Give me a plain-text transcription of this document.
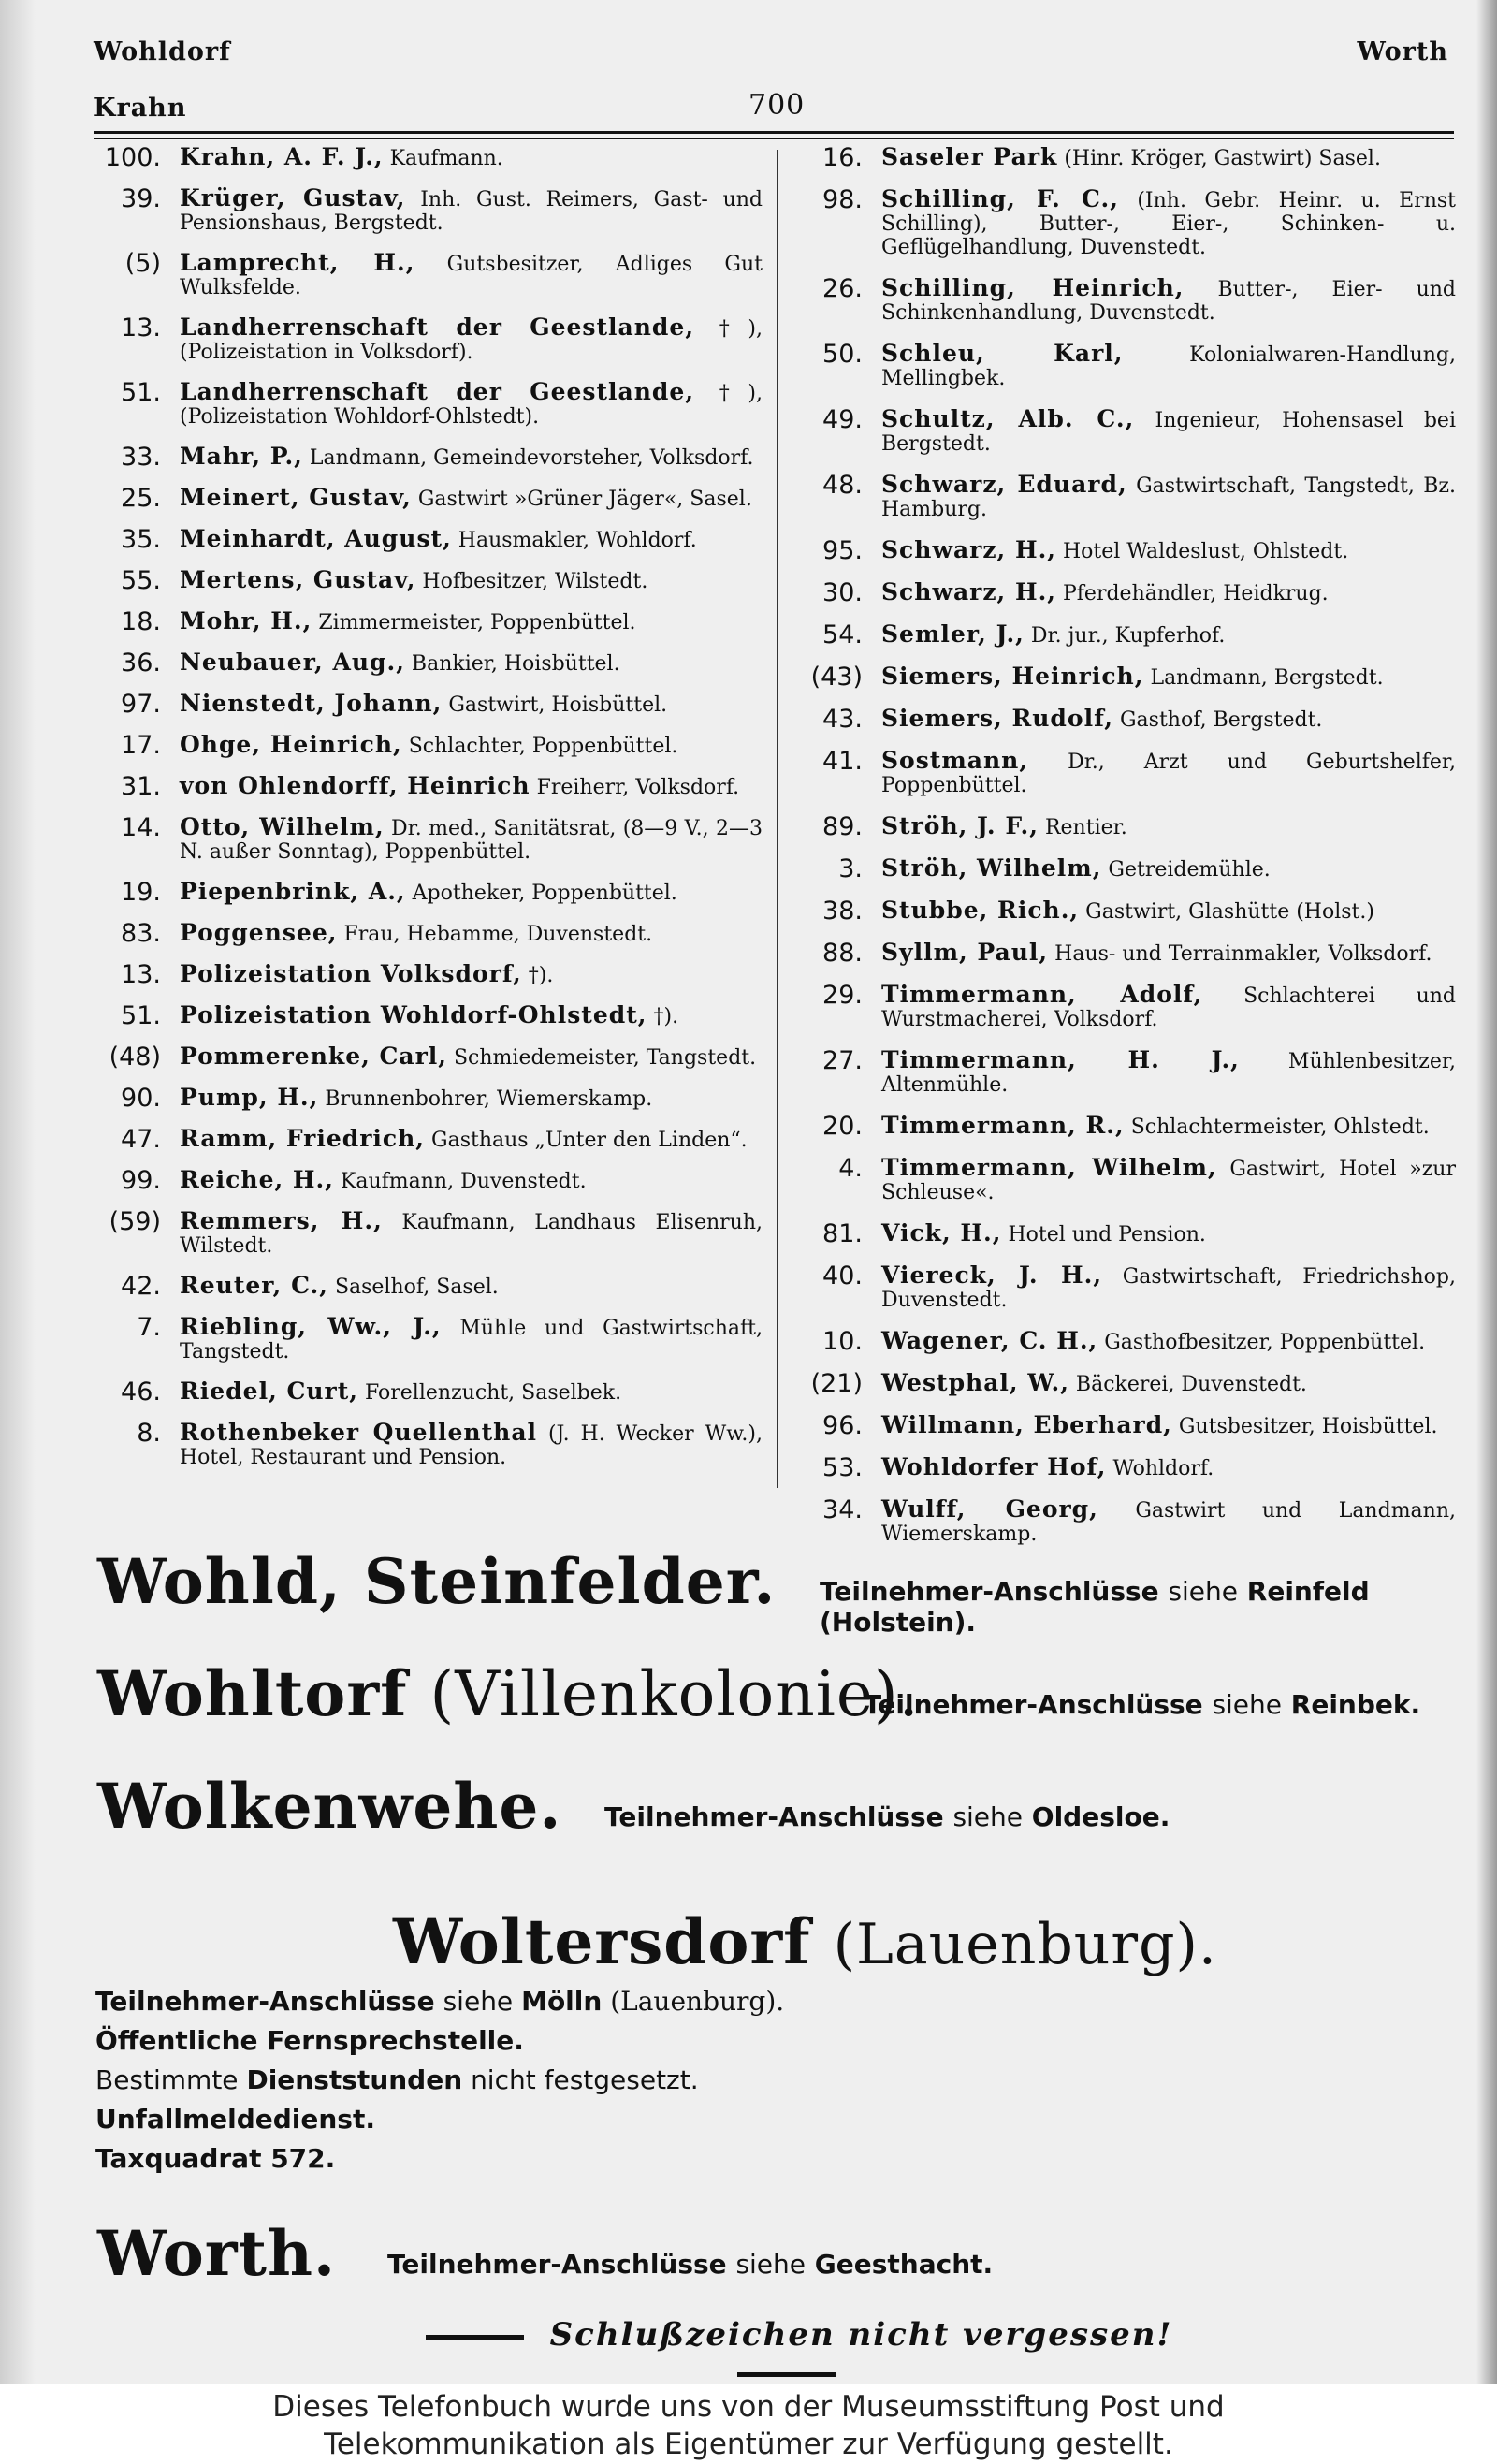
Wohldorf	Worth
Krahn	700
100. Krahn, A. F. J., Kaufmann.
39. Krüger, Gustav, Inh. Gust. Reimers, Gast- und Pensionshaus, Bergstedt.
(5) Lamprecht, H., Gutsbesitzer, Adliges Gut Wulksfelde.
13. Landherrenschaft der Geestlande, †), (Polizeistation in Volksdorf).
51. Landherrenschaft der Geestlande, †), (Polizeistation Wohldorf-Ohlstedt).
33. Mahr, P., Landmann, Gemeindevorsteher, Volksdorf.
25. Meinert, Gustav, Gastwirt »Grüner Jäger«, Sasel.
35. Meinhardt, August, Hausmakler, Wohldorf.
55. Mertens, Gustav, Hofbesitzer, Wilstedt.
18. Mohr, H., Zimmermeister, Poppenbüttel.
36. Neubauer, Aug., Bankier, Hoisbüttel.
97. Nienstedt, Johann, Gastwirt, Hoisbüttel.
17. Ohge, Heinrich, Schlachter, Poppenbüttel.
31. von Ohlendorff, Heinrich Freiherr, Volksdorf.
14. Otto, Wilhelm, Dr. med., Sanitätsrat, (8—9 V., 2—3 N. außer Sonntag), Poppenbüttel.
19. Piepenbrink, A., Apotheker, Poppenbüttel.
83. Poggensee, Frau, Hebamme, Duvenstedt.
13. Polizeistation Volksdorf, †).
51. Polizeistation Wohldorf-Ohlstedt, †).
(48) Pommerenke, Carl, Schmiedemeister, Tangstedt.
90. Pump, H., Brunnenbohrer, Wiemerskamp.
47. Ramm, Friedrich, Gasthaus „Unter den Linden“.
99. Reiche, H., Kaufmann, Duvenstedt.
(59) Remmers, H., Kaufmann, Landhaus Elisenruh, Wilstedt.
42. Reuter, C., Saselhof, Sasel.
7. Riebling, Ww., J., Mühle und Gastwirtschaft, Tangstedt.
46. Riedel, Curt, Forellenzucht, Saselbek.
8. Rothenbeker Quellenthal (J. H. Wecker Ww.), Hotel, Restaurant und Pension.
16. Saseler Park (Hinr. Kröger, Gastwirt) Sasel.
98. Schilling, F. C., (Inh. Gebr. Heinr. u. Ernst Schilling), Butter-, Eier-, Schinken- u. Geflügelhandlung, Duvenstedt.
26. Schilling, Heinrich, Butter-, Eier- und Schinkenhandlung, Duvenstedt.
50. Schleu, Karl,	Kolonialwaren-Handlung, Mellingbek.
49. Schultz, Alb. C., Ingenieur, Hohensasel bei Bergstedt.
48. Schwarz, Eduard, Gastwirtschaft, Tangstedt, Bz. Hamburg.
95. Schwarz, H., Hotel Waldeslust, Ohlstedt.
30. Schwarz, H., Pferdehändler, Heidkrug.
54. Semler, J., Dr. jur., Kupferhof.
(43) Siemers, Heinrich, Landmann, Bergstedt.
43. Siemers, Rudolf, Gasthof, Bergstedt.
41. Sostmann, Dr., Arzt und Geburtshelfer, Poppenbüttel.
89. Ströh, J. F., Rentier.
3. Ströh, Wilhelm, Getreidemühle.
38. Stubbe, Rich., Gastwirt, Glashütte (Holst.)
88. Syllm, Paul, Haus- und Terrainmakler, Volksdorf.
29. Timmermann, Adolf, Schlachterei und Wurstmacherei, Volksdorf.
27. Timmermann, H. J., Mühlenbesitzer, Altenmühle.
20. Timmermann, R., Schlachtermeister, Ohlstedt.
4. Timmermann, Wilhelm, Gastwirt, Hotel »zur Schleuse«.
81. Vick, H., Hotel und Pension.
40. Viereck, J. H., Gastwirtschaft, Friedrichshop, Duvenstedt.
10. Wagener, C. H., Gasthofbesitzer, Poppenbüttel.
(21) Westphal, W., Bäckerei, Duvenstedt.
96. Willmann, Eberhard, Gutsbesitzer, Hoisbüttel.
53. Wohldorfer Hof, Wohldorf.
34. Wulff, Georg, Gastwirt und Landmann, Wiemerskamp.
Wohld, Steinfelder. Teilnehmer-Anschlüsse siehe Reinfeld (Holstein).
Wohltorf (Villenkolonie).
Teilnehmer-Anschlüsse siehe Reinbek.
Wolkenwehe. Teilnehmer-Anschlüsse siehe Oldesloe.
Woltersdorf (Lauenburg).
Teilnehmer-Anschlüsse siehe Mölln (Lauenburg).
Öffentliche Fernsprechstelle.
Bestimmte Dienststunden nicht festgesetzt.
Unfallmeldedienst.
Taxquadrat 572.
Worth. Teilnehmer-Anschlüsse siehe Geesthacht.
Schlußzeichen nicht vergessen!
Dieses Telefonbuch wurde uns von der Museumsstiftung Post und
Telekommunikation als Eigentümer zur Verfügung gestellt.
